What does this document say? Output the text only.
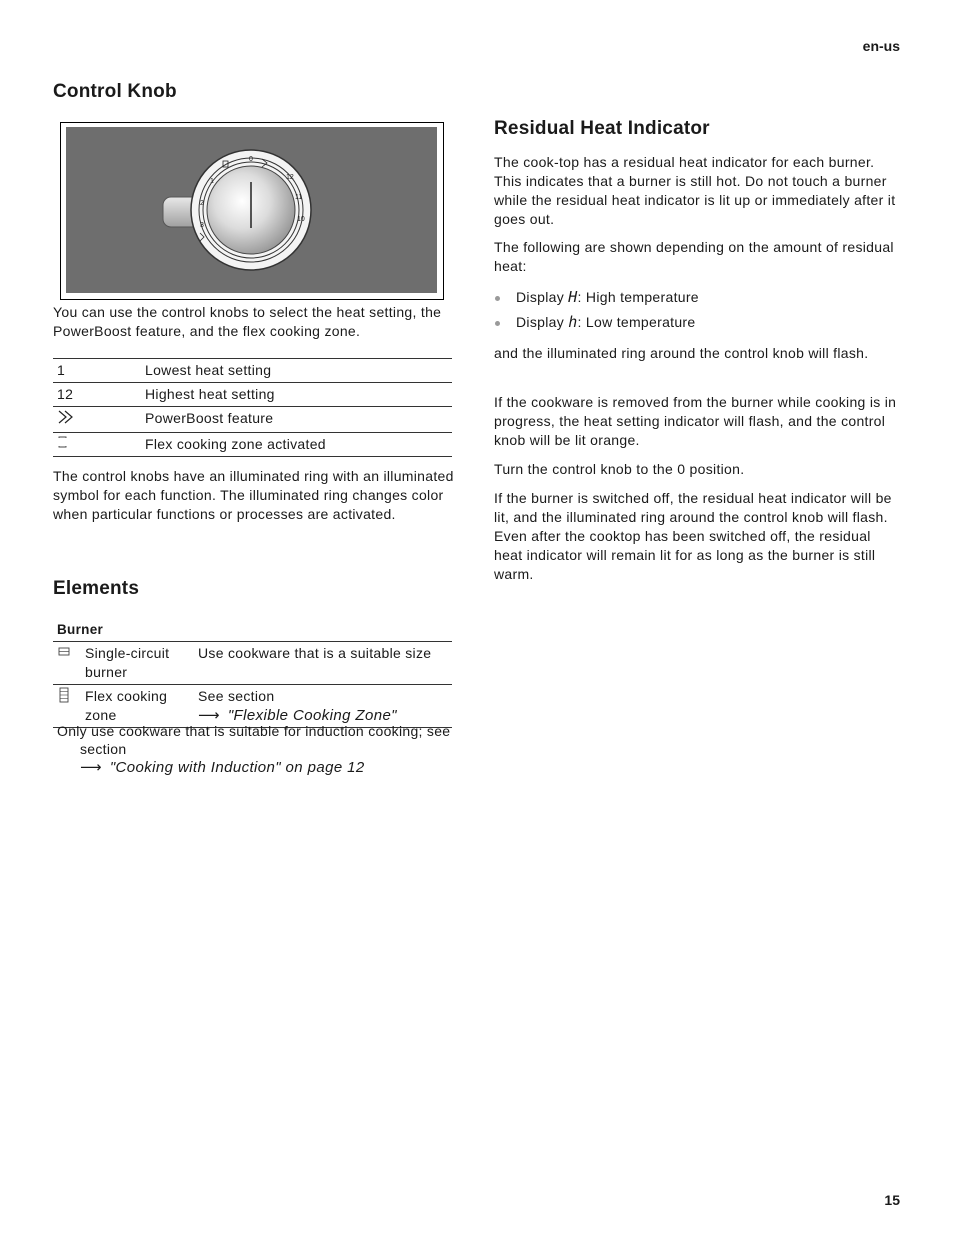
en-us
Control Knob
3
2
1
0
12
11
10

You can use the control knobs to select the heat setting, the PowerBoost feature, and the flex cooking zone.

1	Lowest heat setting
12	Highest heat setting
	PowerBoost feature
	Flex cooking zone activated

The control knobs have an illuminated ring with an illuminated symbol for each function. The illuminated ring changes color when particular functions or processes are activated.

Elements
Burner		
	Single-circuit burner	Use cookware that is a suitable size
	Flex cooking zone	See section
⟶ "Flexible Cooking Zone"
Only use cookware that is suitable for induction cooking; see section
⟶ "Cooking with Induction" on page 12
Residual Heat Indicator

The cook-top has a residual heat indicator for each burner. This indicates that a burner is still hot. Do not touch a burner while the residual heat indicator is lit up or immediately after it goes out.

The following are shown depending on the amount of residual heat:

Display H: High temperature
Display h: Low temperature

and the illuminated ring around the control knob will flash.

If the cookware is removed from the burner while cooking is in progress, the heat setting indicator will flash, and the control knob will be lit orange.

Turn the control knob to the 0 position.

If the burner is switched off, the residual heat indicator will be lit, and the illuminated ring around the control knob will flash. Even after the cooktop has been switched off, the residual heat indicator will remain lit for as long as the burner is still warm.

15
